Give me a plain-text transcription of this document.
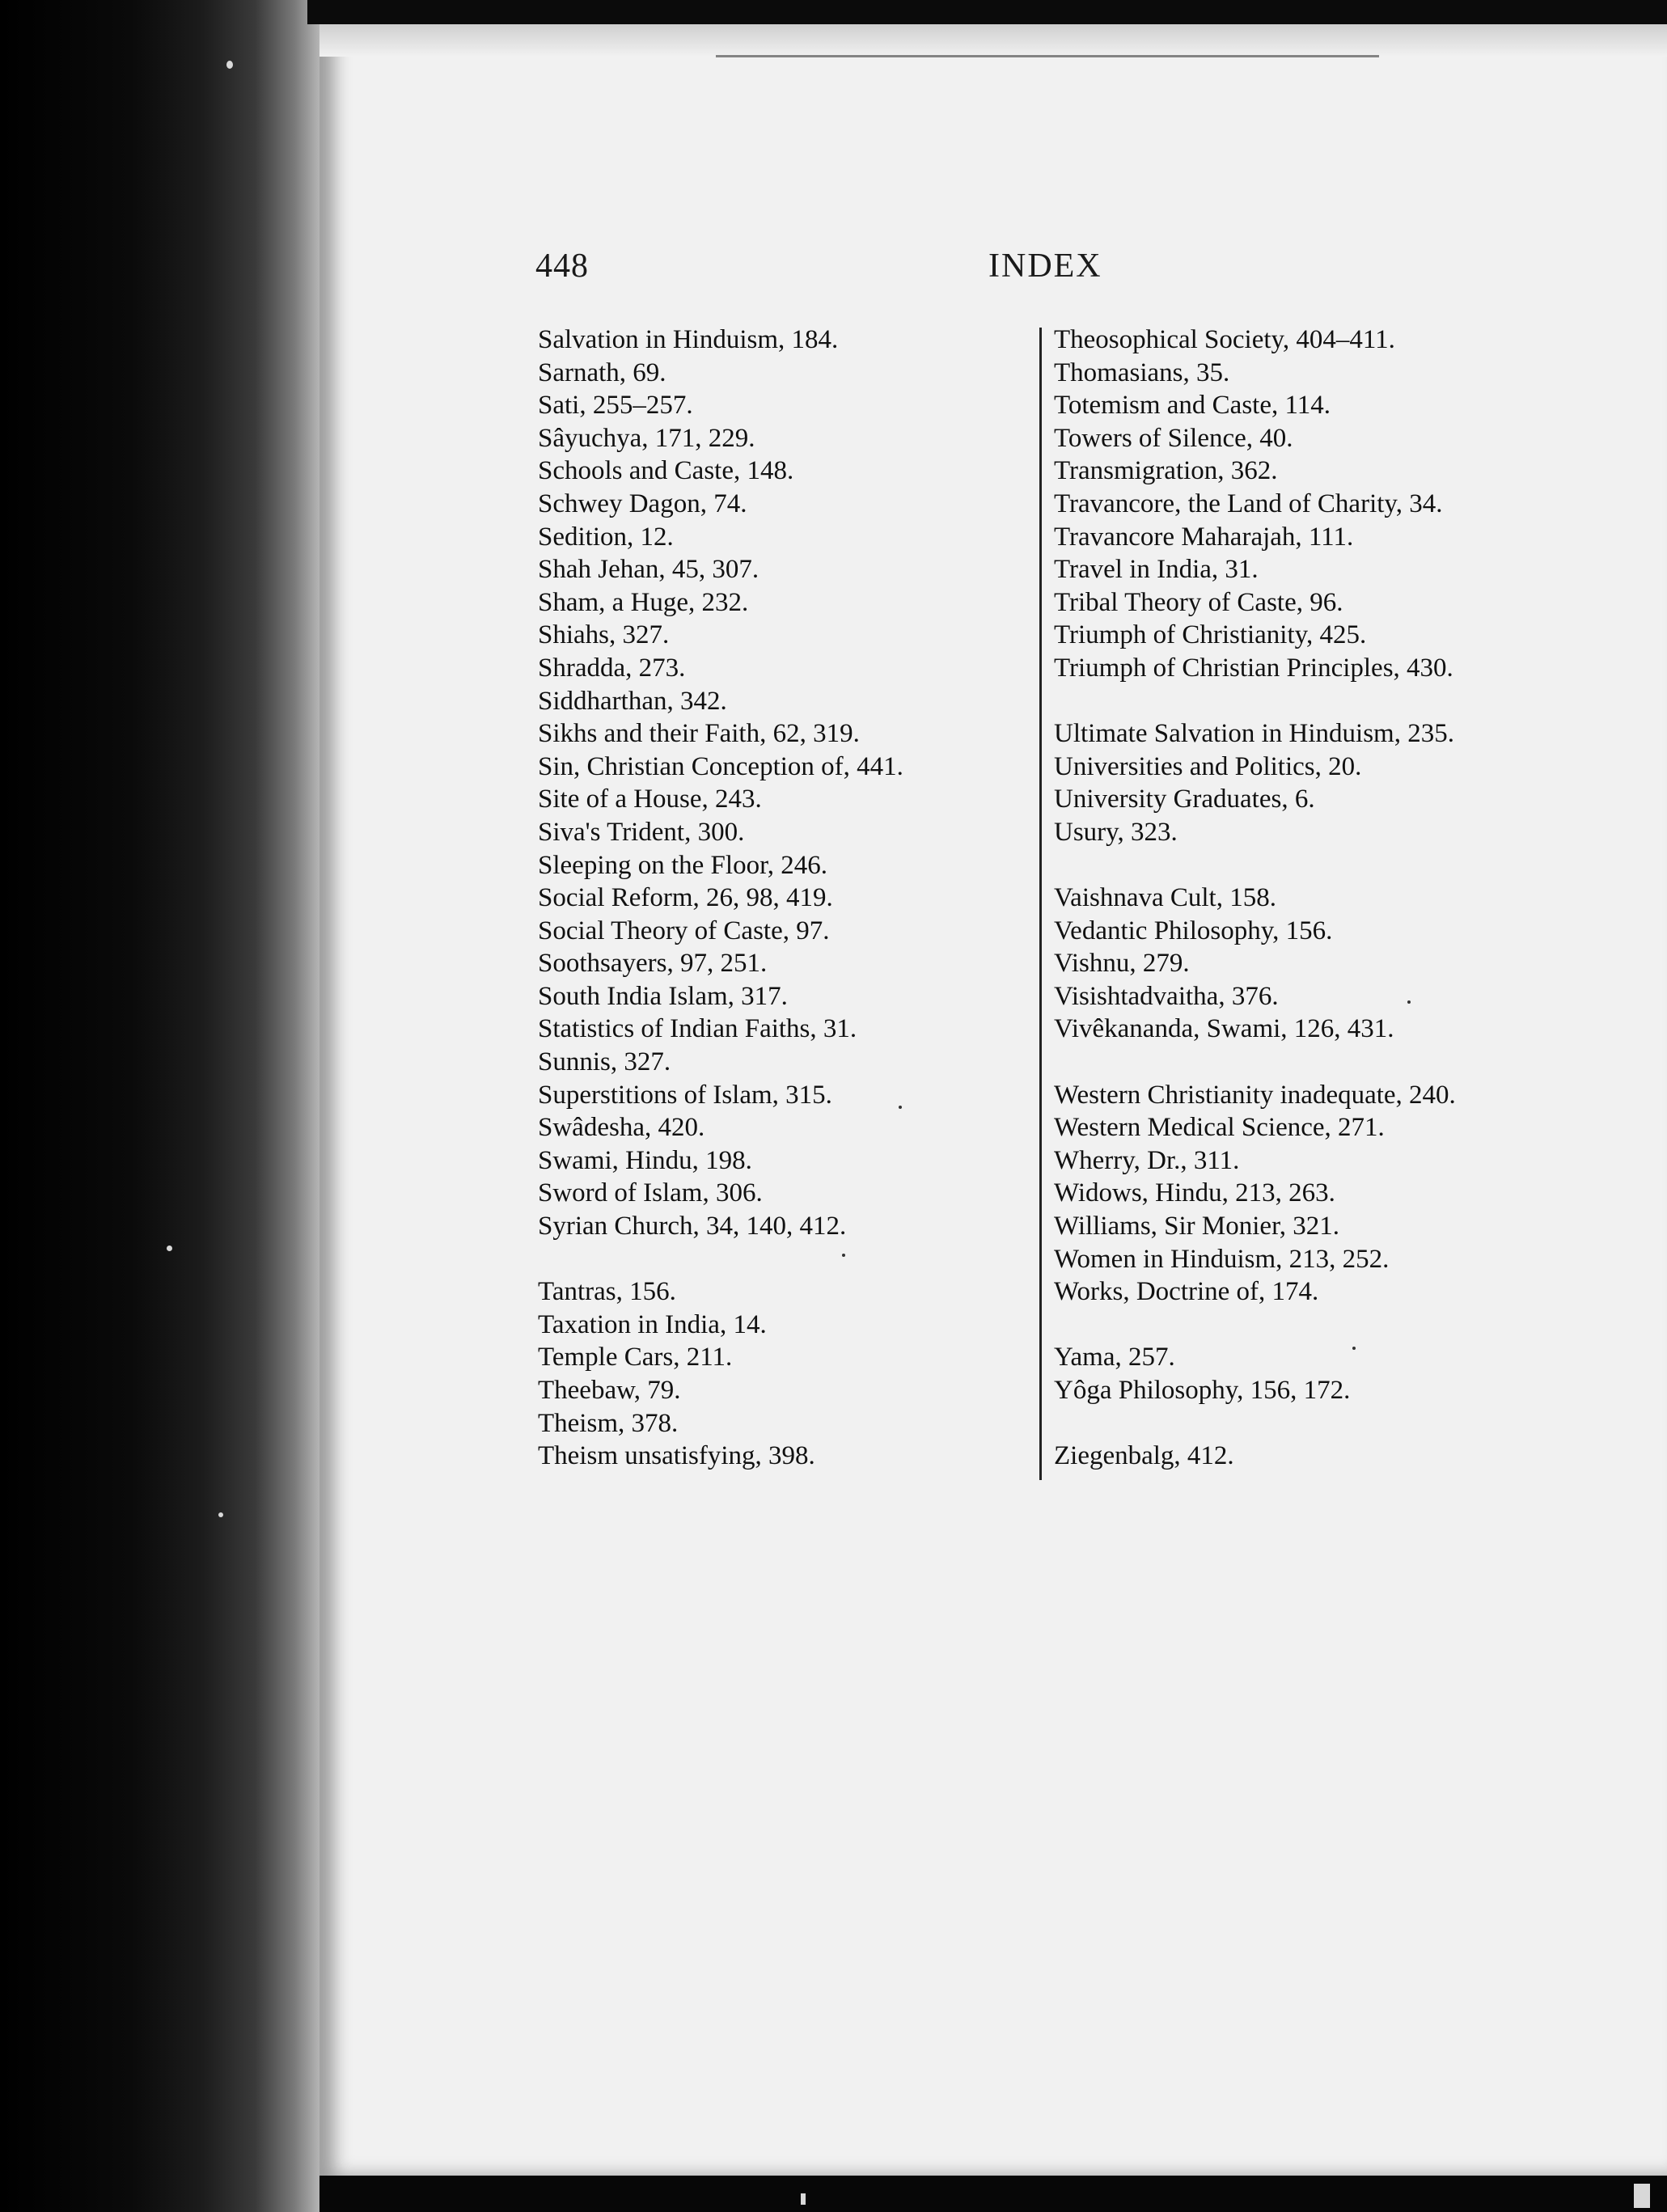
448	INDEX
Salvation in Hinduism, 184.
Sarnath, 69.
Sati, 255–257.
Sâyuchya, 171, 229.
Schools and Caste, 148.
Schwey Dagon, 74.
Sedition, 12.
Shah Jehan, 45, 307.
Sham, a Huge, 232.
Shiahs, 327.
Shradda, 273.
Siddharthan, 342.
Sikhs and their Faith, 62, 319.
Sin, Christian Conception of, 441.
Site of a House, 243.
Siva's Trident, 300.
Sleeping on the Floor, 246.
Social Reform, 26, 98, 419.
Social Theory of Caste, 97.
Soothsayers, 97, 251.
South India Islam, 317.
Statistics of Indian Faiths, 31.
Sunnis, 327.
Superstitions of Islam, 315.
Swâdesha, 420.
Swami, Hindu, 198.
Sword of Islam, 306.
Syrian Church, 34, 140, 412.
Tantras, 156.
Taxation in India, 14.
Temple Cars, 211.
Theebaw, 79.
Theism, 378.
Theism unsatisfying, 398.
Theosophical Society, 404–411.
Thomasians, 35.
Totemism and Caste, 114.
Towers of Silence, 40.
Transmigration, 362.
Travancore, the Land of Charity, 34.
Travancore Maharajah, 111.
Travel in India, 31.
Tribal Theory of Caste, 96.
Triumph of Christianity, 425.
Triumph of Christian Principles, 430.
Ultimate Salvation in Hinduism, 235.
Universities and Politics, 20.
University Graduates, 6.
Usury, 323.
Vaishnava Cult, 158.
Vedantic Philosophy, 156.
Vishnu, 279.
Visishtadvaitha, 376.
Vivêkananda, Swami, 126, 431.
Western Christianity inadequate, 240.
Western Medical Science, 271.
Wherry, Dr., 311.
Widows, Hindu, 213, 263.
Williams, Sir Monier, 321.
Women in Hinduism, 213, 252.
Works, Doctrine of, 174.
Yama, 257.
Yôga Philosophy, 156, 172.
Ziegenbalg, 412.
